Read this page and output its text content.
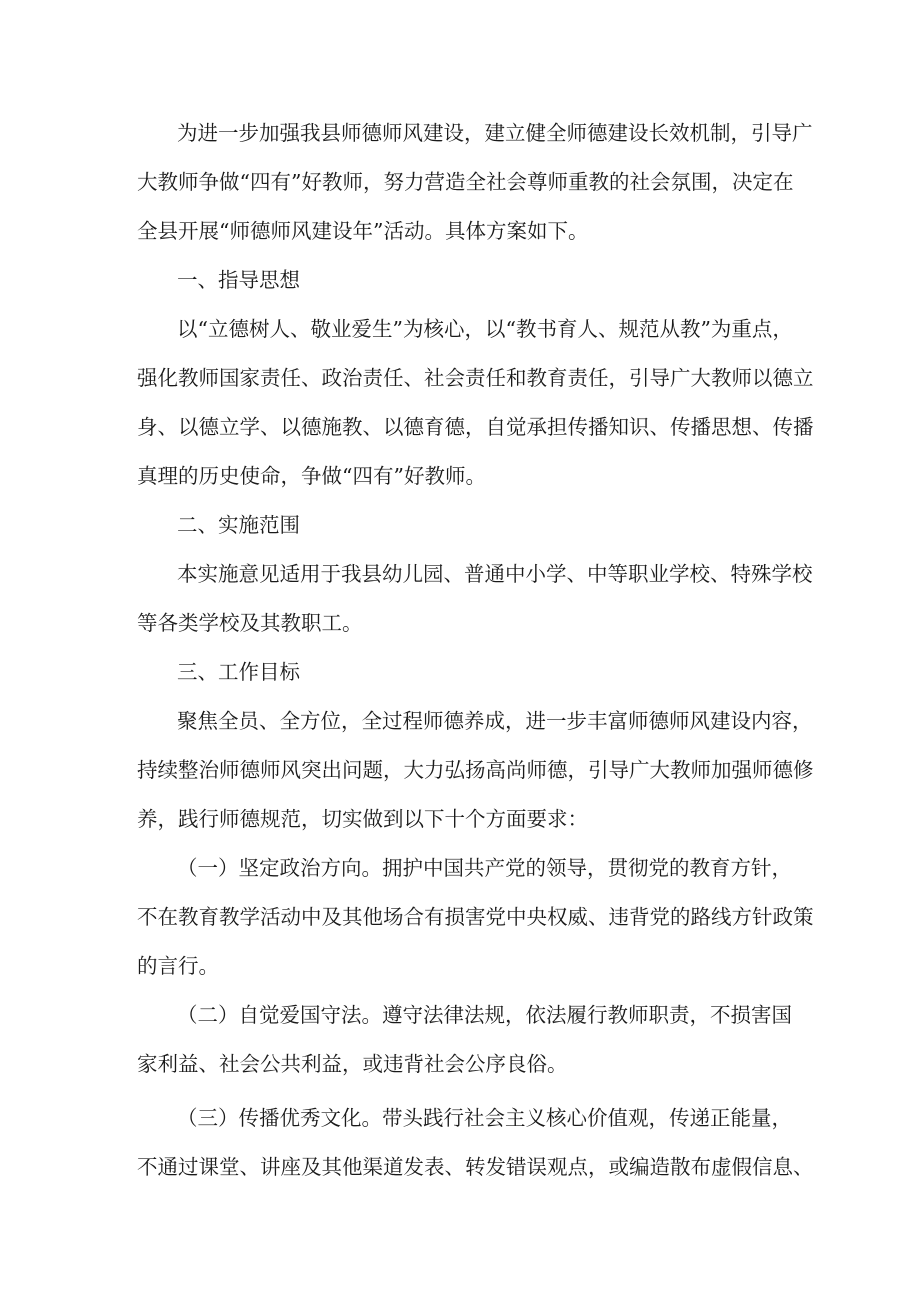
为进一步加强我县师德师风建设，建立健全师德建设长效机制，引导广

大教师争做“四有”好教师，努力营造全社会尊师重教的社会氛围，决定在

全县开展“师德师风建设年”活动。具体方案如下。

一、指导思想

以“立德树人、敬业爱生”为核心，以“教书育人、规范从教”为重点，

强化教师国家责任、政治责任、社会责任和教育责任，引导广大教师以德立

身、以德立学、以德施教、以德育德，自觉承担传播知识、传播思想、传播

真理的历史使命，争做“四有”好教师。

二、实施范围

本实施意见适用于我县幼儿园、普通中小学、中等职业学校、特殊学校

等各类学校及其教职工。

三、工作目标

聚焦全员、全方位，全过程师德养成，进一步丰富师德师风建设内容，

持续整治师德师风突出问题，大力弘扬高尚师德，引导广大教师加强师德修

养，践行师德规范，切实做到以下十个方面要求：

（一）坚定政治方向。拥护中国共产党的领导，贯彻党的教育方针，

不在教育教学活动中及其他场合有损害党中央权威、违背党的路线方针政策

的言行。

（二）自觉爱国守法。遵守法律法规，依法履行教师职责，不损害国

家利益、社会公共利益，或违背社会公序良俗。

（三）传播优秀文化。带头践行社会主义核心价值观，传递正能量，

不通过课堂、讲座及其他渠道发表、转发错误观点，或编造散布虚假信息、
